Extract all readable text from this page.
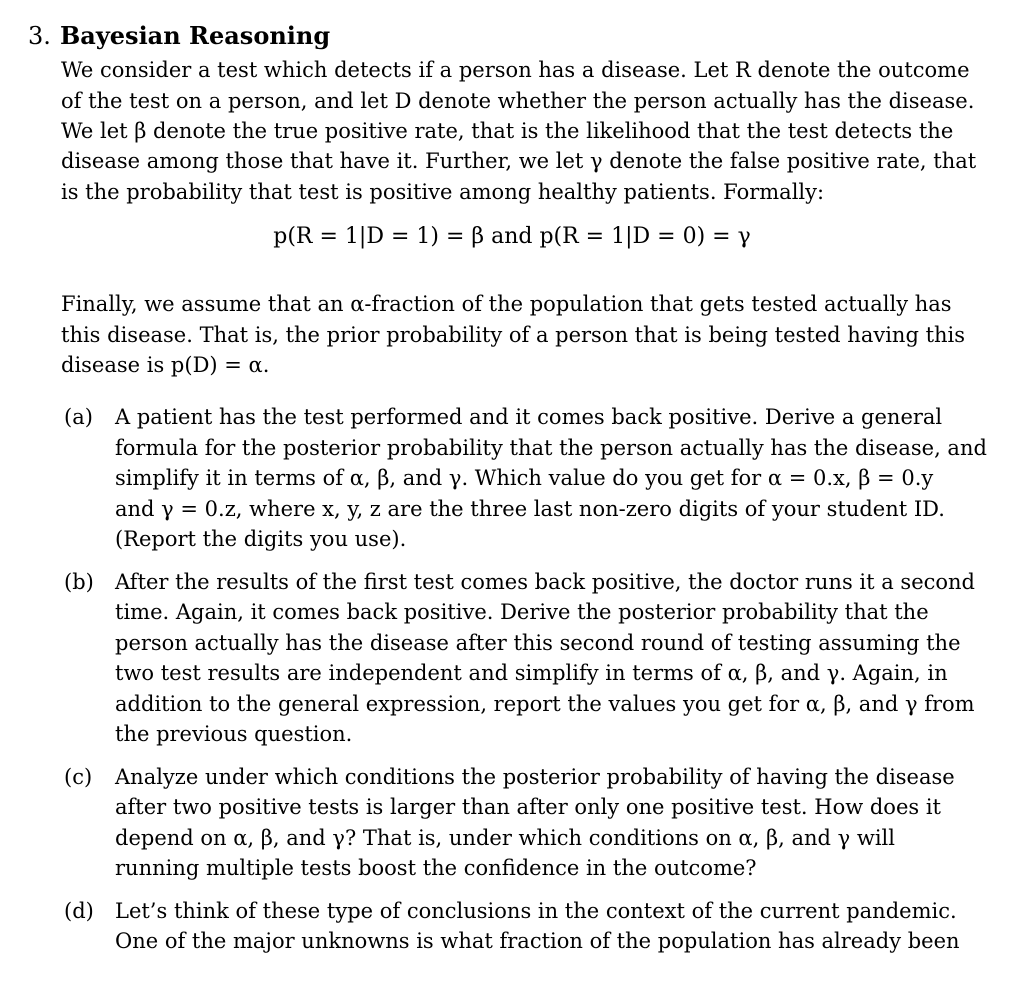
3. Bayesian Reasoning
We consider a test which detects if a person has a disease. Let R denote the outcome
of the test on a person, and let D denote whether the person actually has the disease.
We let β denote the true positive rate, that is the likelihood that the test detects the
disease among those that have it. Further, we let γ denote the false positive rate, that
is the probability that test is positive among healthy patients. Formally:
p(R = 1|D = 1) = β and p(R = 1|D = 0) = γ
Finally, we assume that an α-fraction of the population that gets tested actually has
this disease. That is, the prior probability of a person that is being tested having this
disease is p(D) = α.
(a) A patient has the test performed and it comes back positive. Derive a general
formula for the posterior probability that the person actually has the disease, and
simplify it in terms of α, β, and γ. Which value do you get for α = 0.x, β = 0.y
and γ = 0.z, where x, y, z are the three last non-zero digits of your student ID.
(Report the digits you use).
(b) After the results of the first test comes back positive, the doctor runs it a second
time. Again, it comes back positive. Derive the posterior probability that the
person actually has the disease after this second round of testing assuming the
two test results are independent and simplify in terms of α, β, and γ. Again, in
addition to the general expression, report the values you get for α, β, and γ from
the previous question.
(c) Analyze under which conditions the posterior probability of having the disease
after two positive tests is larger than after only one positive test. How does it
depend on α, β, and γ? That is, under which conditions on α, β, and γ will
running multiple tests boost the confidence in the outcome?
(d) Let’s think of these type of conclusions in the context of the current pandemic.
One of the major unknowns is what fraction of the population has already been
